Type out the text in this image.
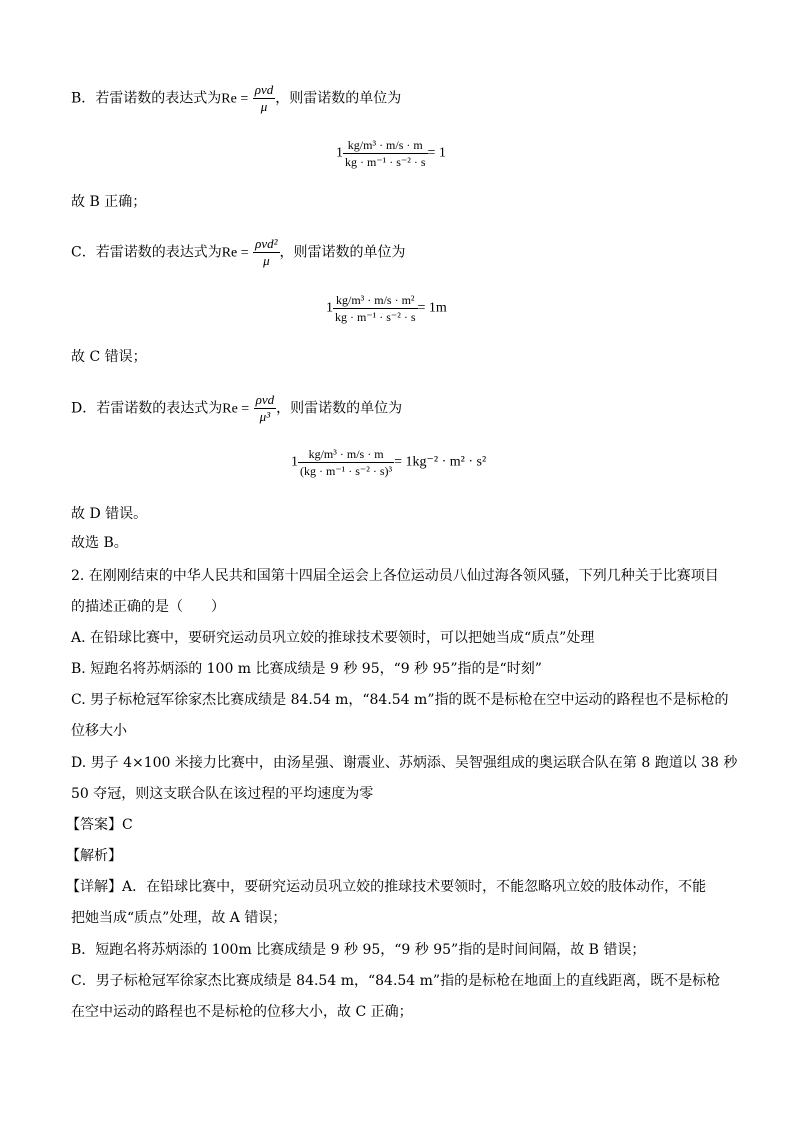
B．若雷诺数的表达式为$Re = \frac{\text{ρvd}}{\mu}$ ，则雷诺数的单位为
$1 \frac{\text{kg/m³ · m/s · m}}{\text{kg · m⁻¹ · s⁻² · s}} = 1$
故 B 正确；
C．若雷诺数的表达式为$Re = \frac{\text{ρvd²}}{\mu}$ ，则雷诺数的单位为
$1 \frac{\text{kg/m³ · m/s · m²}}{\text{kg · m⁻¹ · s⁻² · s}} = 1m$
故 C 错误；
D．若雷诺数的表达式为$Re = \frac{\text{ρvd}}{\text{μ³}}$ ，则雷诺数的单位为
$1 \frac{\text{kg/m³ · m/s · m}}{\text{(kg · m⁻¹ · s⁻² · s)³}} = 1kg^{-2} \cdot m^2 \cdot s^2$
故 D 错误。
故选 B。
2. 在刚刚结束的中华人民共和国第十四届全运会上各位运动员八仙过海各领风骚，下列几种关于比赛项目
的描述正确的是（　　）
A. 在铅球比赛中，要研究运动员巩立姣的推球技术要领时，可以把她当成“质点”处理
B. 短跑名将苏炳添的 100 m 比赛成绩是 9 秒 95，“9 秒 95”指的是“时刻”
C. 男子标枪冠军徐家杰比赛成绩是 84.54 m，“84.54 m”指的既不是标枪在空中运动的路程也不是标枪的
位移大小
D. 男子 4×100 米接力比赛中，由汤星强、谢震业、苏炳添、吴智强组成的奥运联合队在第 8 跑道以 38 秒
50 夺冠，则这支联合队在该过程的平均速度为零
【答案】C
【解析】
【详解】A．在铅球比赛中，要研究运动员巩立姣的推球技术要领时，不能忽略巩立姣的肢体动作，不能
把她当成“质点”处理，故 A 错误；
B．短跑名将苏炳添的 100m 比赛成绩是 9 秒 95，“9 秒 95”指的是时间间隔，故 B 错误；
C．男子标枪冠军徐家杰比赛成绩是 84.54 m，“84.54 m”指的是标枪在地面上的直线距离，既不是标枪
在空中运动的路程也不是标枪的位移大小，故 C 正确；
